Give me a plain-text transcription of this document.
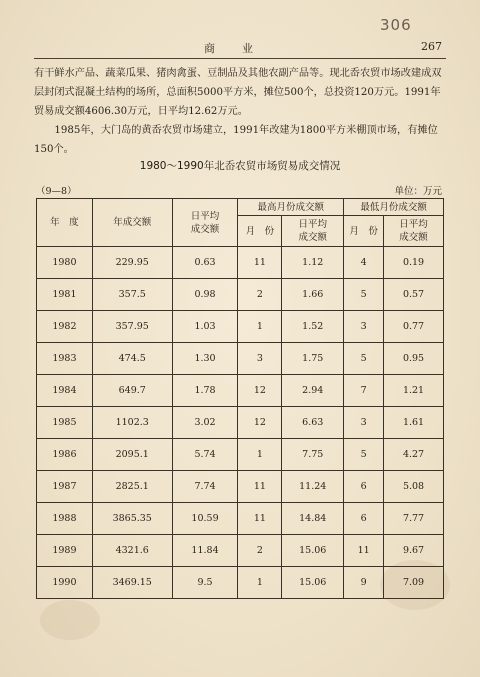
306
商　业	267

有干鲜水产品、蔬菜瓜果、猪肉禽蛋、豆制品及其他农副产品等。现北岙农贸市场改建成双层封闭式混凝土结构的场所，总面积5000平方米，摊位500个，总投资120万元。1991年贸易成交额4606.30万元，日平均12.62万元。

1985年，大门岛的黄岙农贸市场建立，1991年改建为1800平方米棚顶市场，有摊位150个。

1980～1990年北岙农贸市场贸易成交情况
（9—8）	单位：万元
年　度	年成交额	日平均成交额	最高月份成交额		最低月份成交额	
			月　份	日平均成交额	月　份	日平均成交额
1980	229.95	0.63	11	1.12	4	0.19
1981	357.5	0.98	2	1.66	5	0.57
1982	357.95	1.03	1	1.52	3	0.77
1983	474.5	1.30	3	1.75	5	0.95
1984	649.7	1.78	12	2.94	7	1.21
1985	1102.3	3.02	12	6.63	3	1.61
1986	2095.1	5.74	1	7.75	5	4.27
1987	2825.1	7.74	11	11.24	6	5.08
1988	3865.35	10.59	11	14.84	6	7.77
1989	4321.6	11.84	2	15.06	11	9.67
1990	3469.15	9.5	1	15.06	9	7.09
